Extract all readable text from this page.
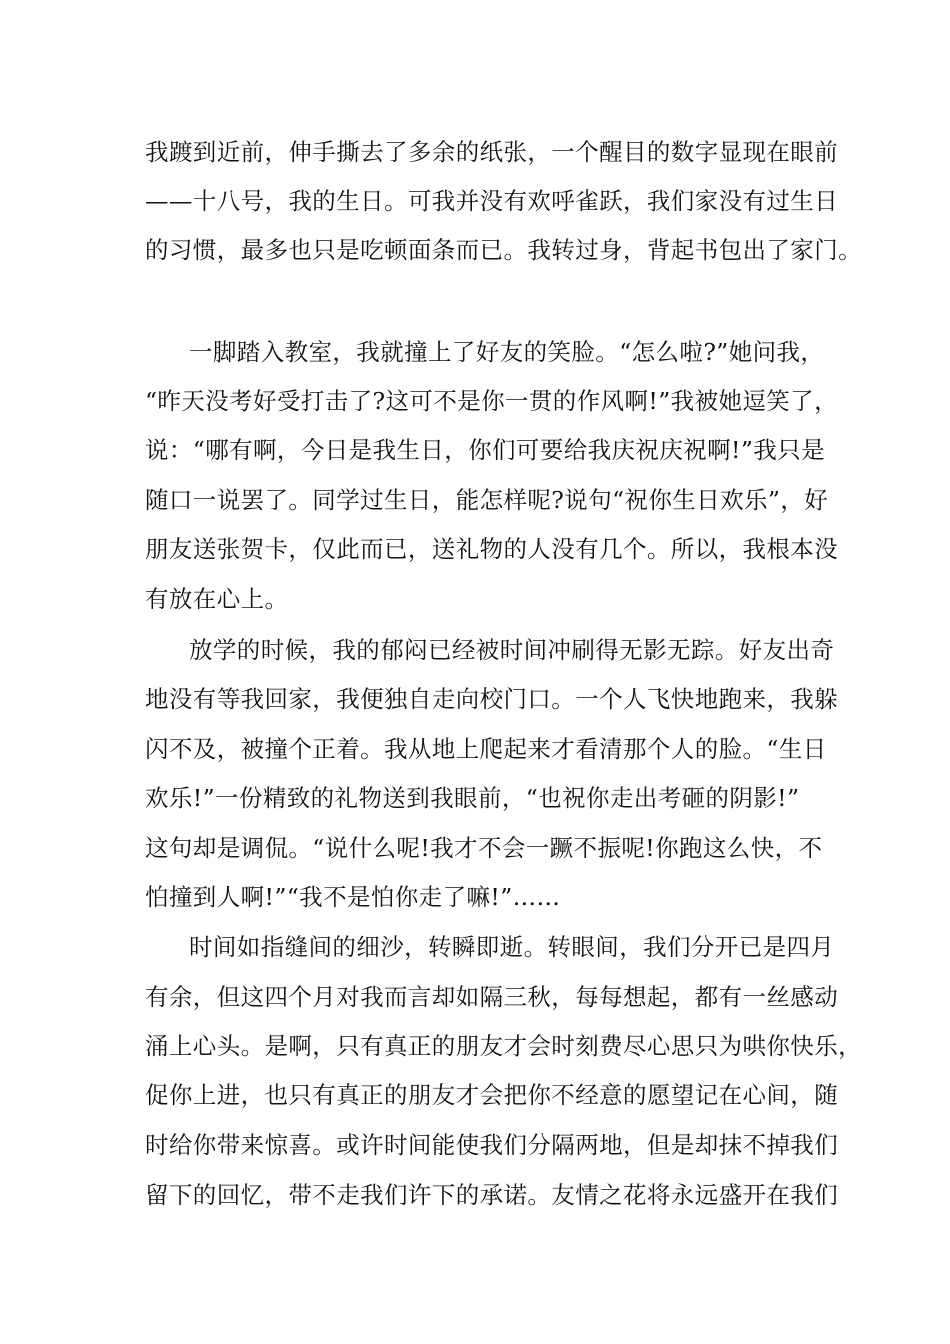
我踱到近前，伸手撕去了多余的纸张，一个醒目的数字显现在眼前
——十八号，我的生日。可我并没有欢呼雀跃，我们家没有过生日
的习惯，最多也只是吃顿面条而已。我转过身，背起书包出了家门。
一脚踏入教室，我就撞上了好友的笑脸。“怎么啦?”她问我，
“昨天没考好受打击了?这可不是你一贯的作风啊!”我被她逗笑了，
说：“哪有啊，今日是我生日，你们可要给我庆祝庆祝啊!”我只是
随口一说罢了。同学过生日，能怎样呢?说句“祝你生日欢乐”，好
朋友送张贺卡，仅此而已，送礼物的人没有几个。所以，我根本没
有放在心上。
放学的时候，我的郁闷已经被时间冲刷得无影无踪。好友出奇
地没有等我回家，我便独自走向校门口。一个人飞快地跑来，我躲
闪不及，被撞个正着。我从地上爬起来才看清那个人的脸。“生日
欢乐!”一份精致的礼物送到我眼前，“也祝你走出考砸的阴影!”
这句却是调侃。“说什么呢!我才不会一蹶不振呢!你跑这么快，不
怕撞到人啊!”“我不是怕你走了嘛!”……
时间如指缝间的细沙，转瞬即逝。转眼间，我们分开已是四月
有余，但这四个月对我而言却如隔三秋，每每想起，都有一丝感动
涌上心头。是啊，只有真正的朋友才会时刻费尽心思只为哄你快乐，
促你上进，也只有真正的朋友才会把你不经意的愿望记在心间，随
时给你带来惊喜。或许时间能使我们分隔两地，但是却抹不掉我们
留下的回忆，带不走我们许下的承诺。友情之花将永远盛开在我们
